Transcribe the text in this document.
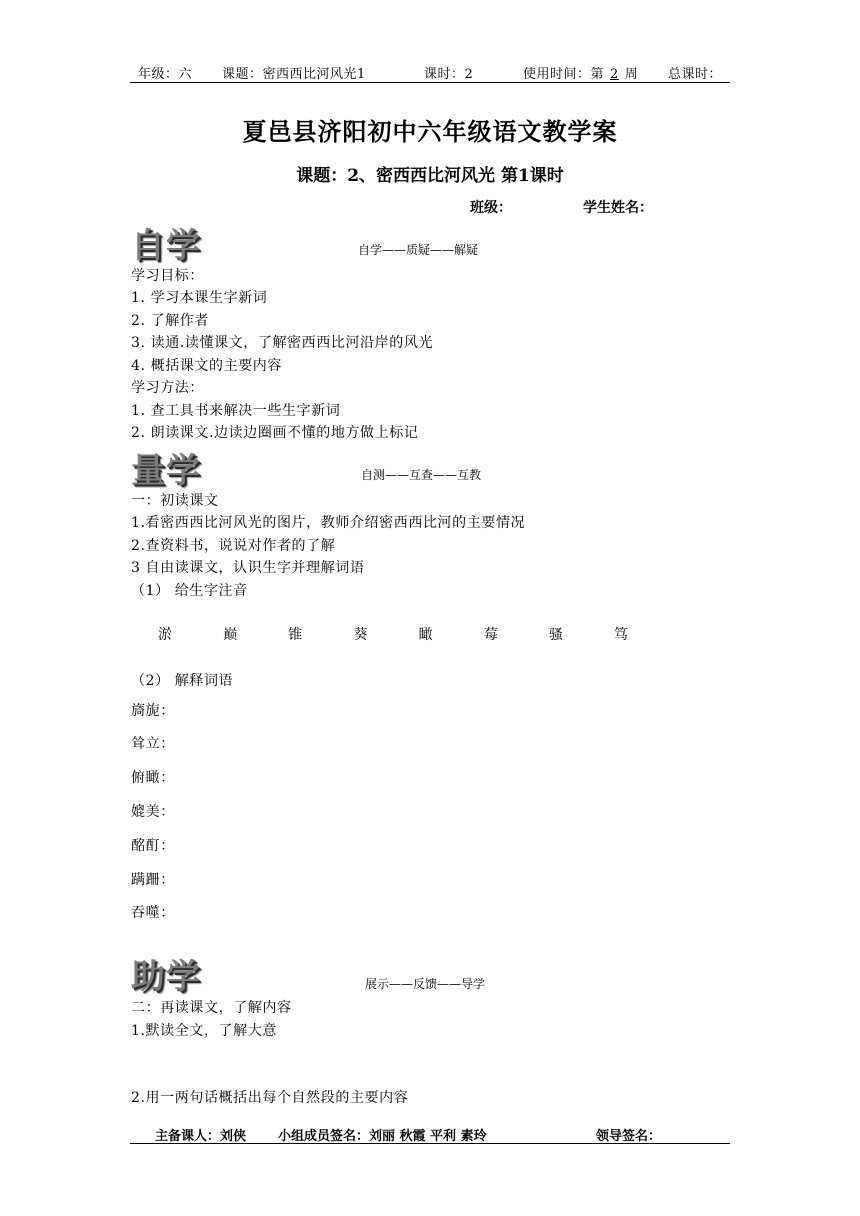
年级：六 课题：密西西比河风光1	课时：2	使用时间：第 2 周 总课时：
夏邑县济阳初中六年级语文教学案
课题：2、密西西比河风光 第1课时
班级：	学生姓名：
自学	自学——质疑——解疑
学习目标：
1. 学习本课生字新词
2. 了解作者
3. 读通.读懂课文，了解密西西比河沿岸的风光
4. 概括课文的主要内容
学习方法：
1. 查工具书来解决一些生字新词
2. 朗读课文.边读边圈画不懂的地方做上标记
量学	自测——互查——互教
一：初读课文
1.看密西西比河风光的图片，教师介绍密西西比河的主要情况
2.查资料书，说说对作者的了解
3 自由读课文，认识生字并理解词语
（1） 给生字注音
淤	巅	锥	葵	瞰	莓	骚	笃
（2） 解释词语
旖旎：
耸立：
俯瞰：
媲美：
酩酊：
蹒跚：
吞噬：
助学	展示——反馈——导学
二：再读课文，了解内容
1.默读全文，了解大意
2.用一两句话概括出每个自然段的主要内容
主备课人：刘侠 小组成员签名：刘丽 秋霞 平利 素玲	领导签名：
